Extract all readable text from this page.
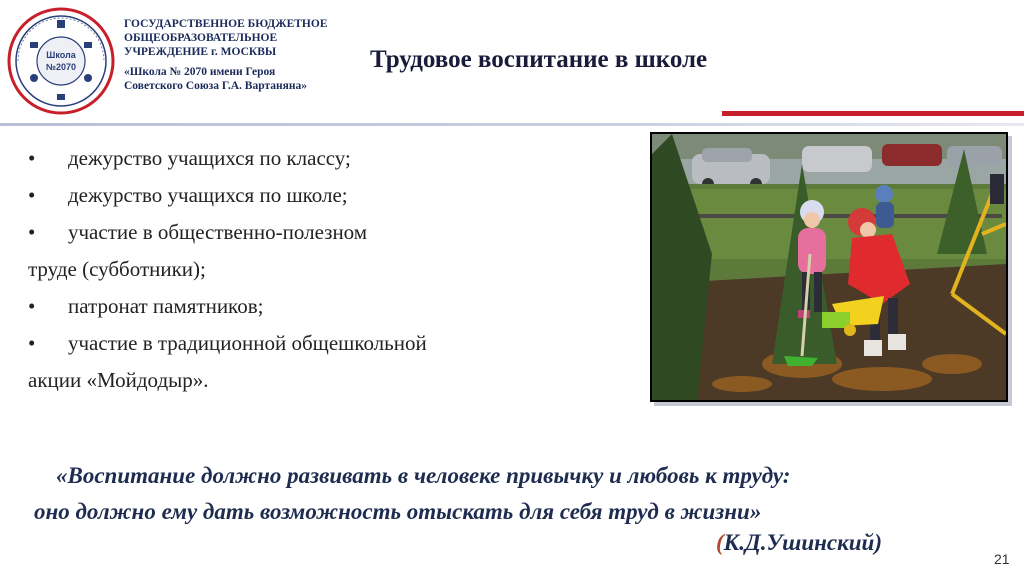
Школа
№2070
ГОСУДАРСТВЕННОЕ БЮДЖЕТНОЕ
ОБЩЕОБРАЗОВАТЕЛЬНОЕ
УЧРЕЖДЕНИЕ г. МОСКВЫ
«Школа № 2070 имени Героя
Советского Союза Г.А. Вартаняна»
Трудовое воспитание в школе
• дежурство учащихся по классу;
• дежурство учащихся по школе;
• участие в общественно-полезном
труде (субботники);
• патронат памятников;
• участие в традиционной общешкольной
акции «Мойдодыр».
«Воспитание должно развивать в человеке привычку и любовь к труду:
оно должно ему дать возможность отыскать для себя труд в жизни»
(К.Д.Ушинский)
21
